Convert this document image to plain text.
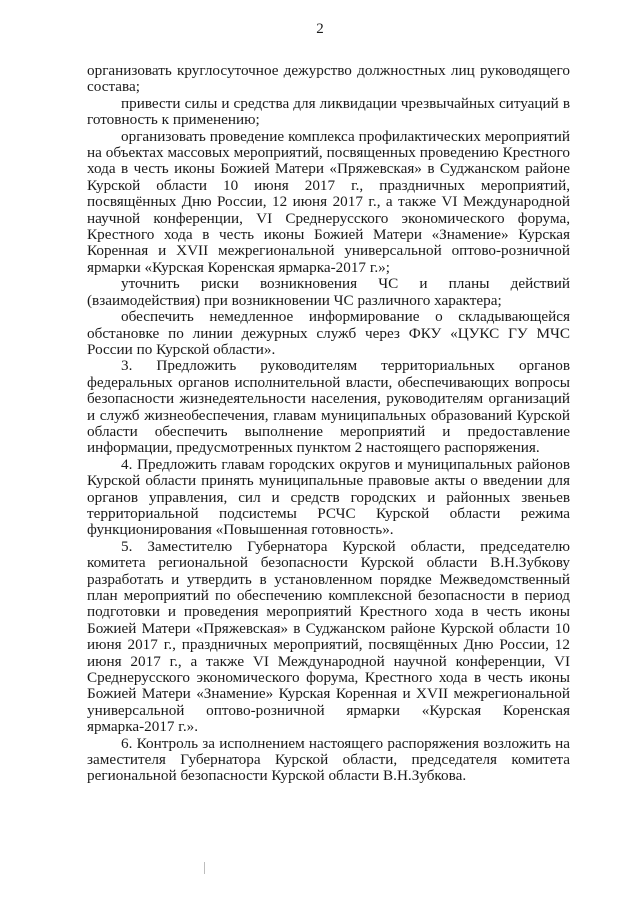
2

организовать круглосуточное дежурство должностных лиц руководящего состава;

привести силы и средства для ликвидации чрезвычайных ситуаций в готовность к применению;

организовать проведение комплекса профилактических мероприятий на объектах массовых мероприятий, посвященных проведению Крестного хода в честь иконы Божией Матери «Пряжевская» в Суджанском районе Курской области 10 июня 2017 г., праздничных мероприятий, посвящённых Дню России, 12 июня 2017 г., а также VI Международной научной конференции, VI Среднерусского экономического форума, Крестного хода в честь иконы Божией Матери «Знамение» Курская Коренная и XVII межрегиональной универсальной оптово-розничной ярмарки «Курская Коренская ярмарка-2017 г.»;

уточнить риски возникновения ЧС и планы действий (взаимодействия) при возникновении ЧС различного характера;

обеспечить немедленное информирование о складывающейся обстановке по линии дежурных служб через ФКУ «ЦУКС ГУ МЧС России по Курской области».

3. Предложить руководителям территориальных органов федеральных органов исполнительной власти, обеспечивающих вопросы безопасности жизнедеятельности населения, руководителям организаций и служб жизнеобеспечения, главам муниципальных образований Курской области обеспечить выполнение мероприятий и предоставление информации, предусмотренных пунктом 2 настоящего распоряжения.

4. Предложить главам городских округов и муниципальных районов Курской области принять муниципальные правовые акты о введении для органов управления, сил и средств городских и районных звеньев территориальной подсистемы РСЧС Курской области режима функционирования «Повышенная готовность».

5. Заместителю Губернатора Курской области, председателю комитета региональной безопасности Курской области В.Н.Зубкову разработать и утвердить в установленном порядке Межведомственный план мероприятий по обеспечению комплексной безопасности в период подготовки и проведения мероприятий Крестного хода в честь иконы Божией Матери «Пряжевская» в Суджанском районе Курской области 10 июня 2017 г., праздничных мероприятий, посвящённых Дню России, 12 июня 2017 г., а также VI Международной научной конференции, VI Среднерусского экономического форума, Крестного хода в честь иконы Божией Матери «Знамение» Курская Коренная и XVII межрегиональной универсальной оптово-розничной ярмарки «Курская Коренская ярмарка-2017 г.».

6. Контроль за исполнением настоящего распоряжения возложить на заместителя Губернатора Курской области, председателя комитета региональной безопасности Курской области В.Н.Зубкова.
